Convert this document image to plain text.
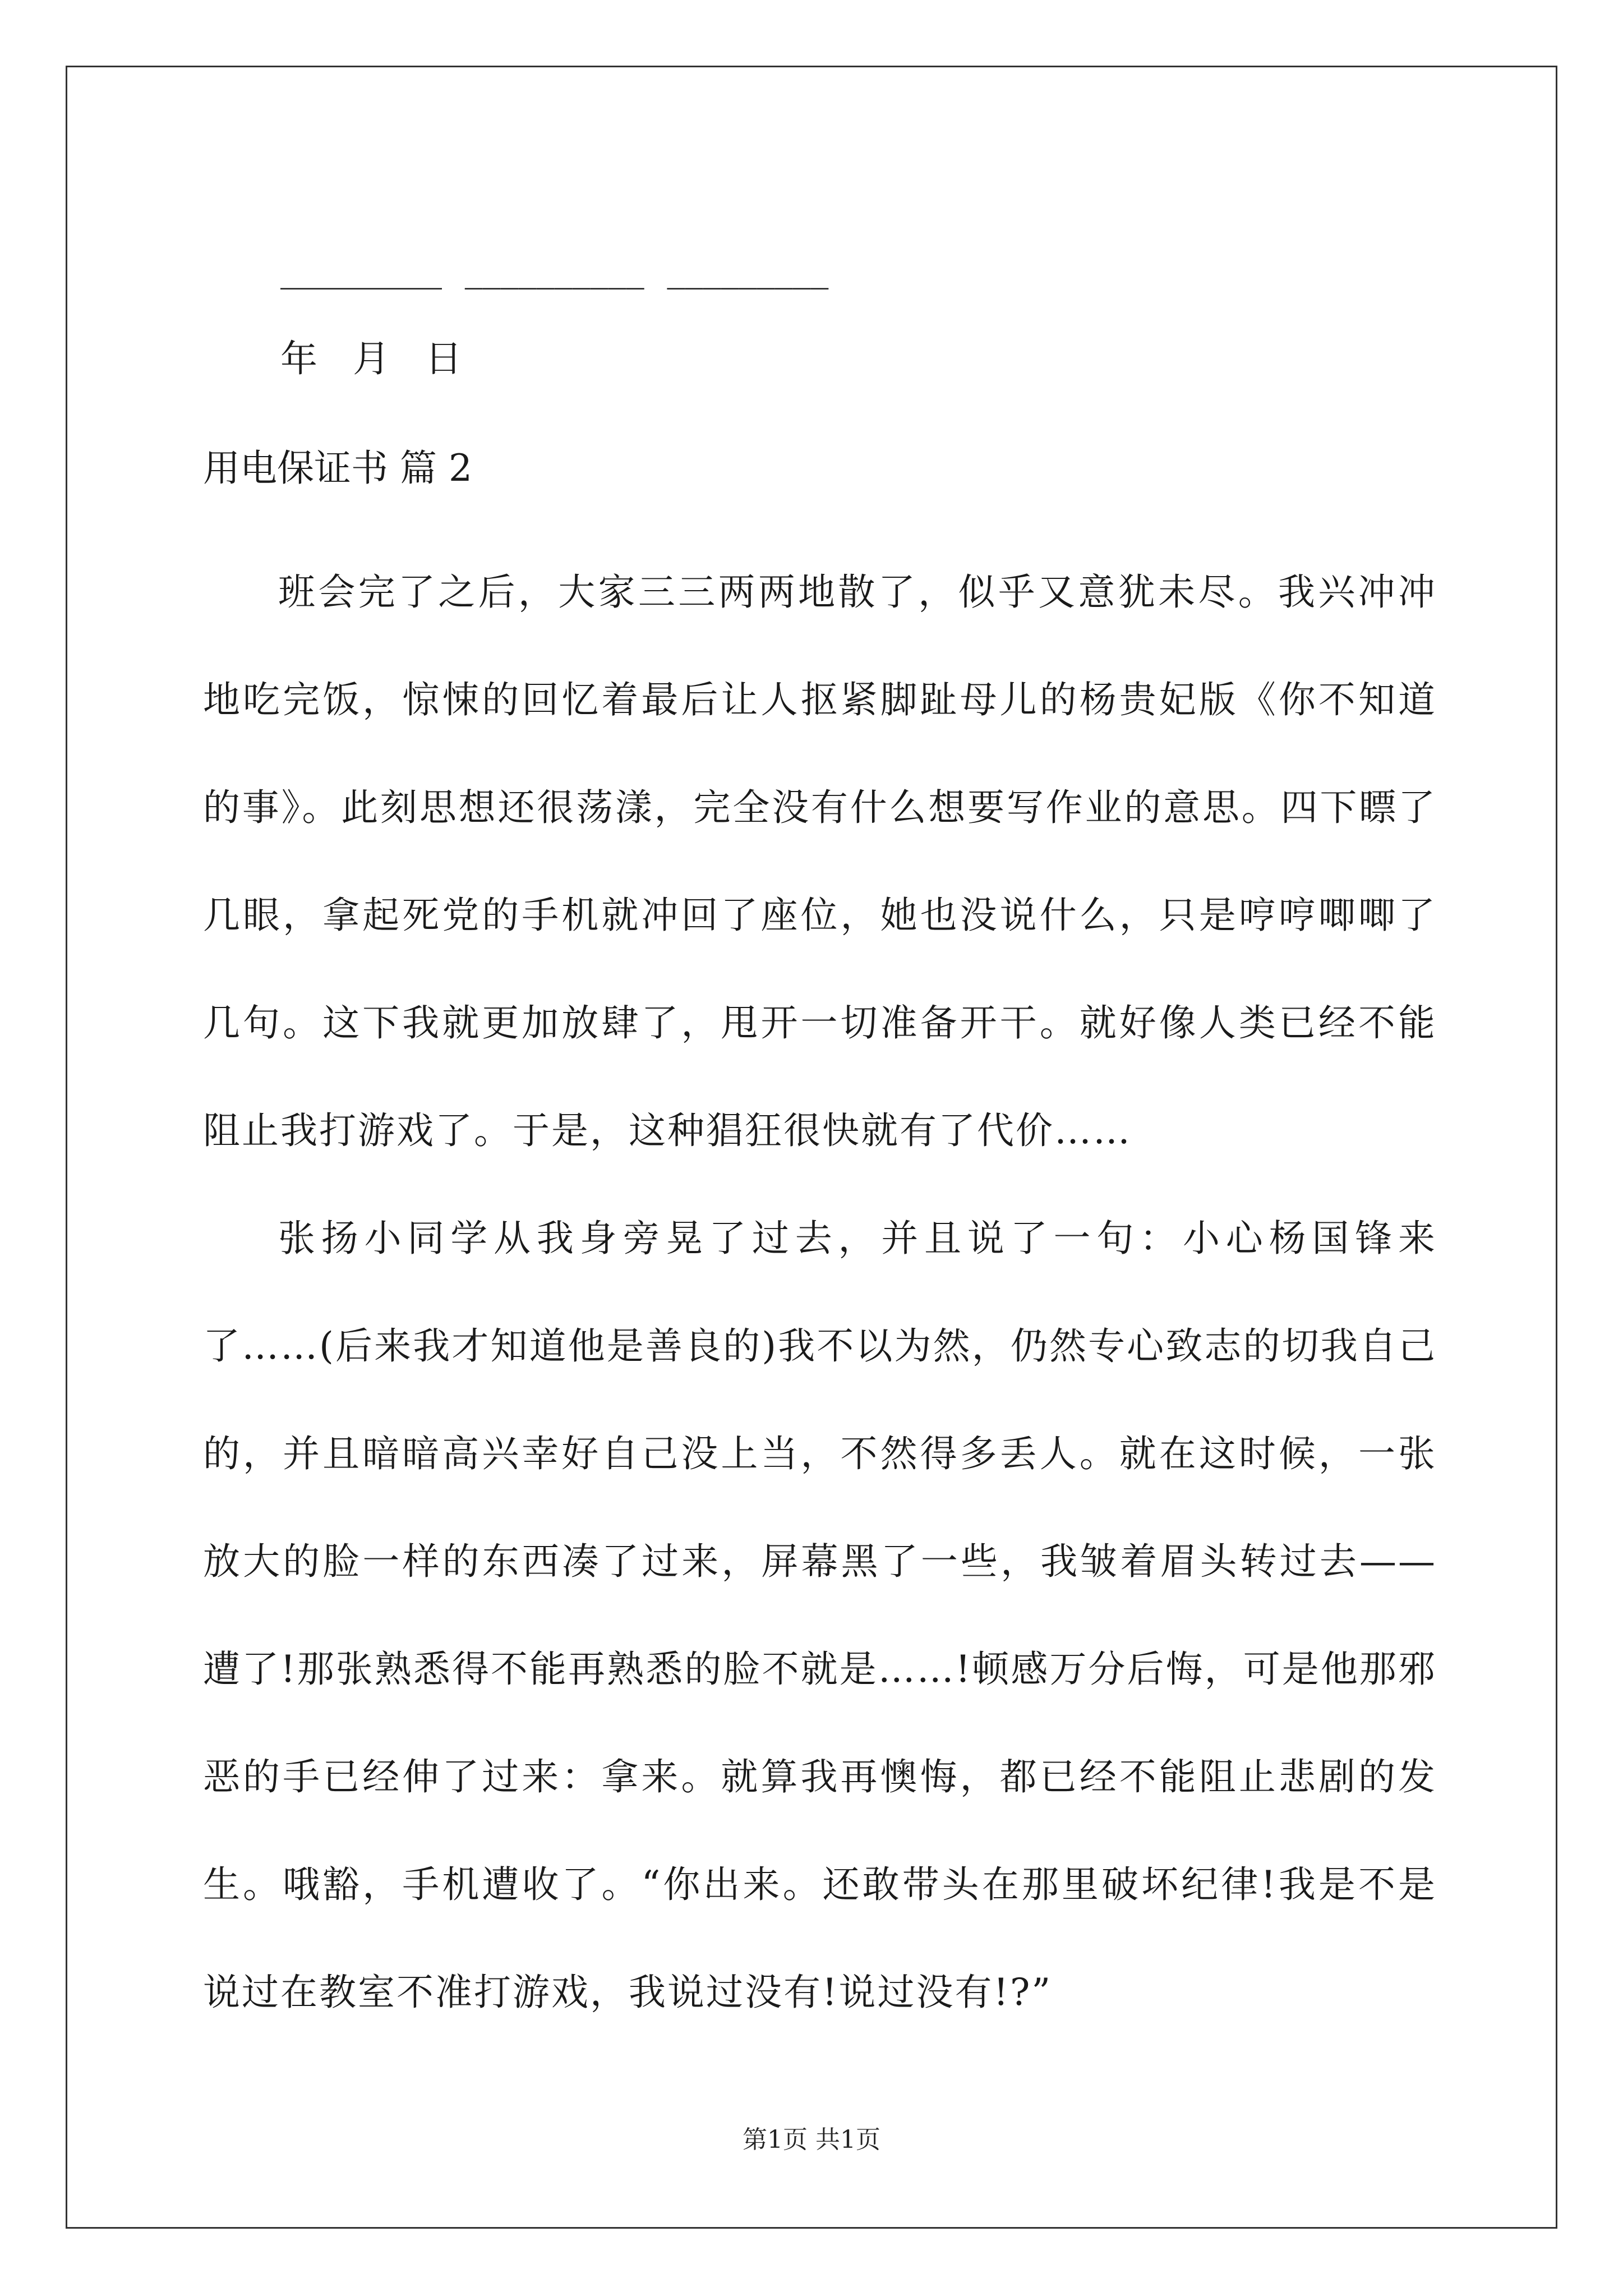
_________  __________  _________
年   月   日
用电保证书 篇 2

班会完了之后，大家三三两两地散了，似乎又意犹未尽。我兴冲冲地吃完饭，惊悚的回忆着最后让人抠紧脚趾母儿的杨贵妃版《你不知道的事》。此刻思想还很荡漾，完全没有什么想要写作业的意思。四下瞟了几眼，拿起死党的手机就冲回了座位，她也没说什么，只是哼哼唧唧了几句。这下我就更加放肆了，甩开一切准备开干。就好像人类已经不能阻止我打游戏了。于是，这种猖狂很快就有了代价……

张扬小同学从我身旁晃了过去，并且说了一句：小心杨国锋来了……(后来我才知道他是善良的)我不以为然，仍然专心致志的切我自己的，并且暗暗高兴幸好自己没上当，不然得多丢人。就在这时候，一张放大的脸一样的东西凑了过来，屏幕黑了一些，我皱着眉头转过去——遭了!那张熟悉得不能再熟悉的脸不就是……!顿感万分后悔，可是他那邪恶的手已经伸了过来：拿来。就算我再懊悔，都已经不能阻止悲剧的发生。哦豁，手机遭收了。“你出来。还敢带头在那里破坏纪律!我是不是说过在教室不准打游戏，我说过没有!说过没有!?”

第1页 共1页
